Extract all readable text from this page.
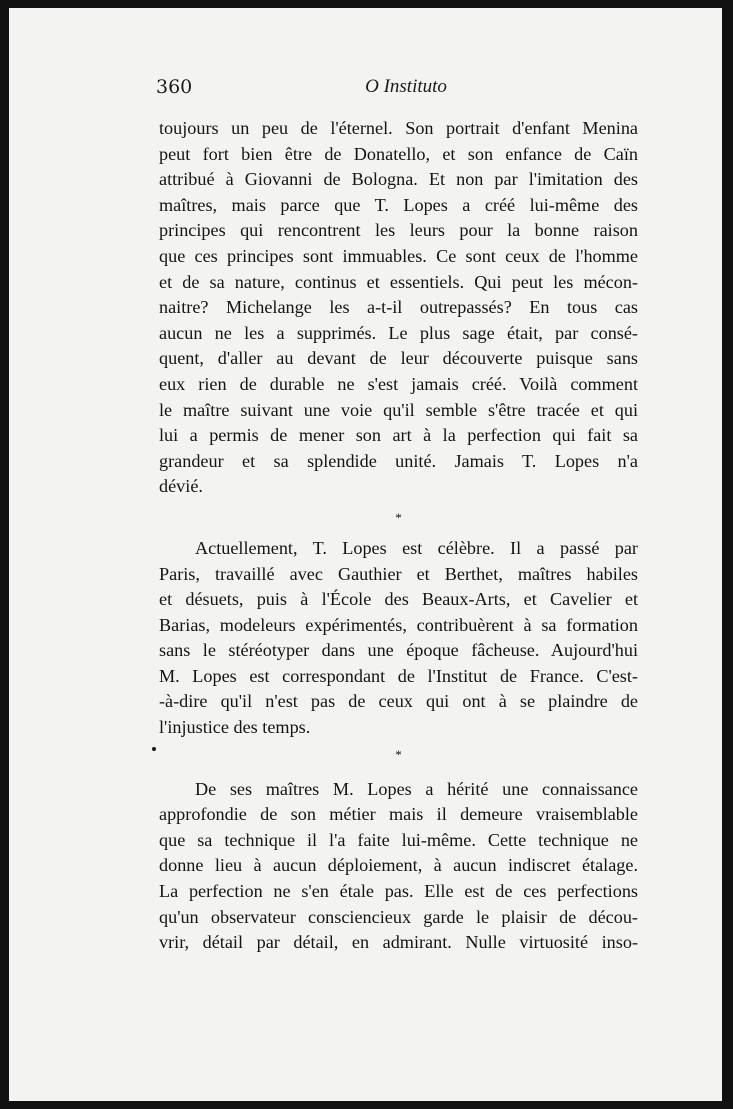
360	O Instituto

toujours un peu de l'éternel. Son portrait d'enfant Menina
peut fort bien être de Donatello, et son enfance de Caïn
attribué à Giovanni de Bologna. Et non par l'imitation des
maîtres, mais parce que T. Lopes a créé lui-même des
principes qui rencontrent les leurs pour la bonne raison
que ces principes sont immuables. Ce sont ceux de l'homme
et de sa nature, continus et essentiels. Qui peut les mécon-
naitre? Michelange les a-t-il outrepassés? En tous cas
aucun ne les a supprimés. Le plus sage était, par consé-
quent, d'aller au devant de leur découverte puisque sans
eux rien de durable ne s'est jamais créé. Voilà comment
le maître suivant une voie qu'il semble s'être tracée et qui
lui a permis de mener son art à la perfection qui fait sa
grandeur et sa splendide unité. Jamais T. Lopes n'a
dévié.
*
Actuellement, T. Lopes est célèbre. Il a passé par
Paris, travaillé avec Gauthier et Berthet, maîtres habiles
et désuets, puis à l'École des Beaux-Arts, et Cavelier et
Barias, modeleurs expérimentés, contribuèrent à sa formation
sans le stéréotyper dans une époque fâcheuse. Aujourd'hui
M. Lopes est correspondant de l'Institut de France. C'est-
-à-dire qu'il n'est pas de ceux qui ont à se plaindre de
l'injustice des temps.
*
De ses maîtres M. Lopes a hérité une connaissance
approfondie de son métier mais il demeure vraisemblable
que sa technique il l'a faite lui-même. Cette technique ne
donne lieu à aucun déploiement, à aucun indiscret étalage.
La perfection ne s'en étale pas. Elle est de ces perfections
qu'un observateur consciencieux garde le plaisir de décou-
vrir, détail par détail, en admirant. Nulle virtuosité inso-
